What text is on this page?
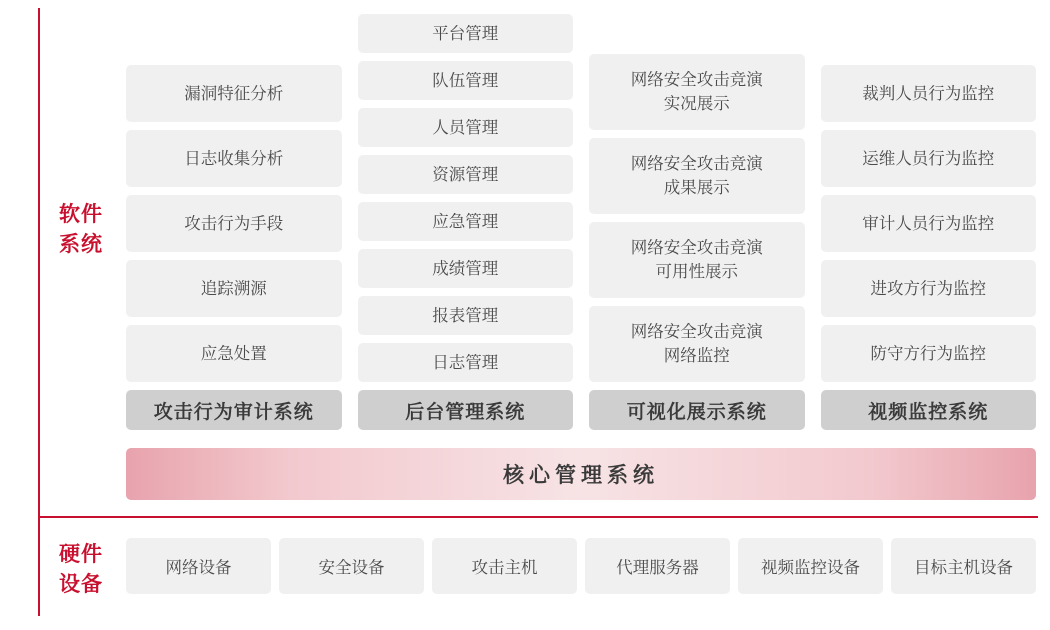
软件
系统
硬件
设备
漏洞特征分析
日志收集分析
攻击行为手段
追踪溯源
应急处置
攻击行为审计系统
平台管理
队伍管理
人员管理
资源管理
应急管理
成绩管理
报表管理
日志管理
后台管理系统
网络安全攻击竞演
实况展示
网络安全攻击竞演
成果展示
网络安全攻击竞演
可用性展示
网络安全攻击竞演
网络监控
可视化展示系统
裁判人员行为监控
运维人员行为监控
审计人员行为监控
进攻方行为监控
防守方行为监控
视频监控系统
核心管理系统
网络设备	安全设备	攻击主机	代理服务器	视频监控设备	目标主机设备
